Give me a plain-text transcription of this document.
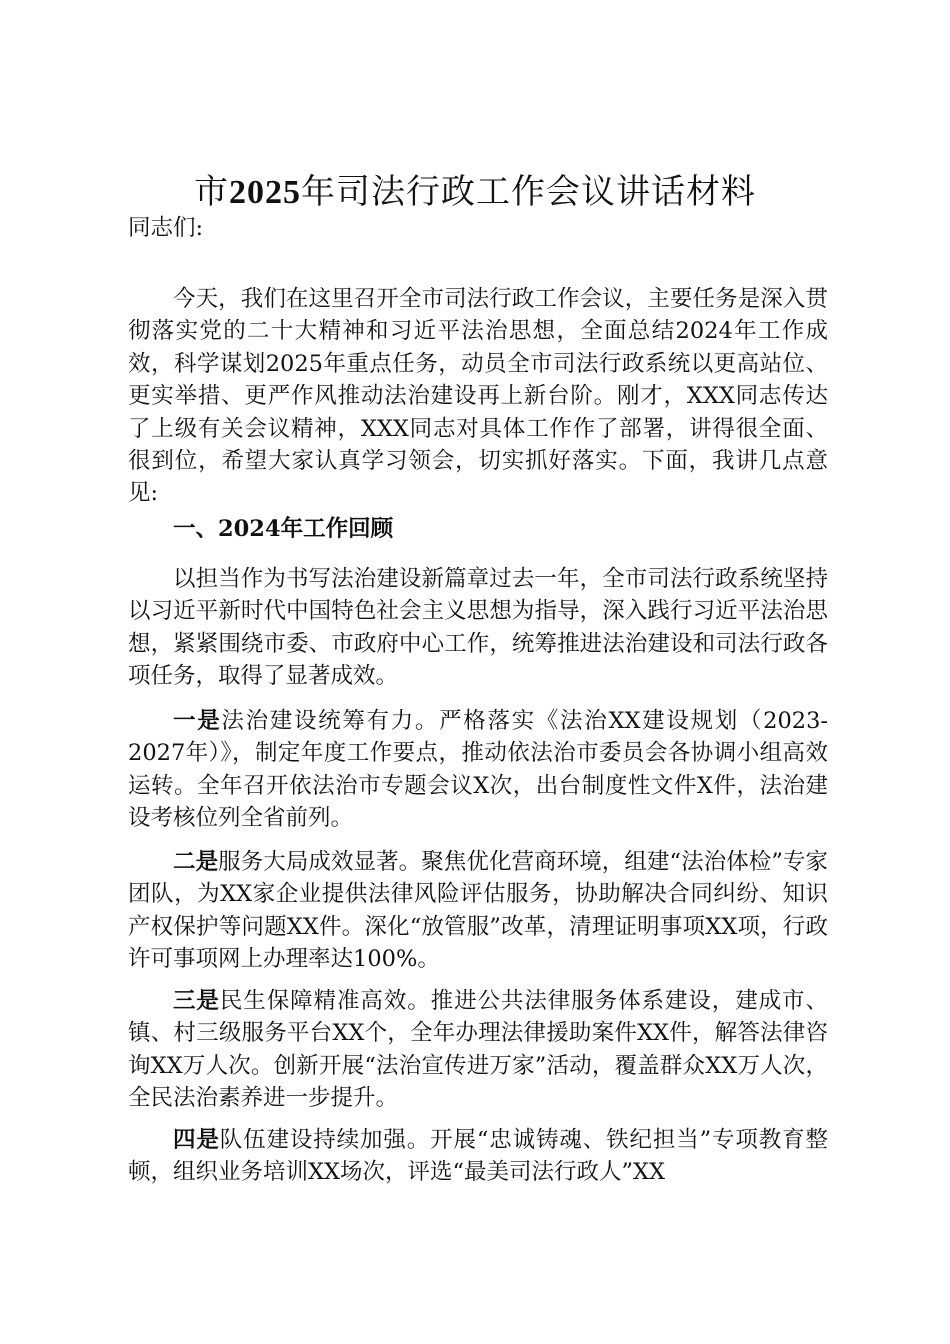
市2025年司法行政工作会议讲话材料
同志们:
今天，我们在这里召开全市司法行政工作会议，主要任务是深入贯彻落实党的二十大精神和习近平法治思想，全面总结2024年工作成效，科学谋划2025年重点任务，动员全市司法行政系统以更高站位、更实举措、更严作风推动法治建设再上新台阶。刚才，XXX同志传达了上级有关会议精神，XXX同志对具体工作作了部署，讲得很全面、很到位，希望大家认真学习领会，切实抓好落实。下面，我讲几点意见:
一、2024年工作回顾
以担当作为书写法治建设新篇章过去一年，全市司法行政系统坚持以习近平新时代中国特色社会主义思想为指导，深入践行习近平法治思想，紧紧围绕市委、市政府中心工作，统筹推进法治建设和司法行政各项任务，取得了显著成效。
一是法治建设统筹有力。严格落实《法治XX建设规划（2023-2027年）》，制定年度工作要点，推动依法治市委员会各协调小组高效运转。全年召开依法治市专题会议X次，出台制度性文件X件，法治建设考核位列全省前列。
二是服务大局成效显著。聚焦优化营商环境，组建“法治体检”专家团队，为XX家企业提供法律风险评估服务，协助解决合同纠纷、知识产权保护等问题XX件。深化“放管服”改革，清理证明事项XX项，行政许可事项网上办理率达100%。
三是民生保障精准高效。推进公共法律服务体系建设，建成市、镇、村三级服务平台XX个，全年办理法律援助案件XX件，解答法律咨询XX万人次。创新开展“法治宣传进万家”活动，覆盖群众XX万人次，全民法治素养进一步提升。
四是队伍建设持续加强。开展“忠诚铸魂、铁纪担当”专项教育整顿，组织业务培训XX场次，评选“最美司法行政人”XX
